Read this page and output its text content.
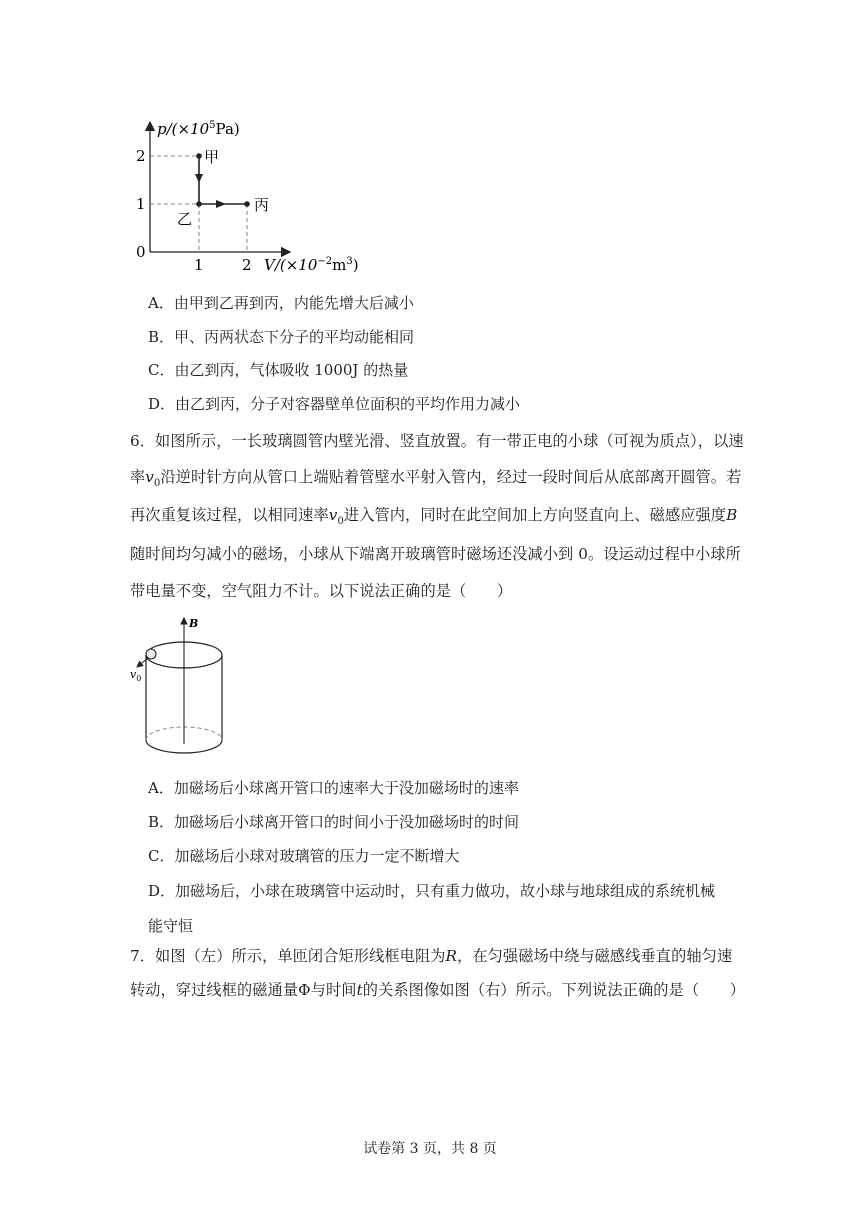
$p/(\times 10^5Pa)$
2
1
0
1	2 $V/(\times 10^{-2}m^3)$
甲
乙
丙
A．由甲到乙再到丙，内能先增大后减小
B．甲、丙两状态下分子的平均动能相同
C．由乙到丙，气体吸收 1000J 的热量
D．由乙到丙，分子对容器壁单位面积的平均作用力减小
6．如图所示，一长玻璃圆管内壁光滑、竖直放置。有一带正电的小球（可视为质点），以速
率$v_0$沿逆时针方向从管口上端贴着管壁水平射入管内，经过一段时间后从底部离开圆管。若
再次重复该过程，以相同速率$v_0$进入管内，同时在此空间加上方向竖直向上、磁感应强度B
随时间均匀减小的磁场，小球从下端离开玻璃管时磁场还没减小到 0。设运动过程中小球所
带电量不变，空气阻力不计。以下说法正确的是（　　）
B
$v_0$
A．加磁场后小球离开管口的速率大于没加磁场时的速率
B．加磁场后小球离开管口的时间小于没加磁场时的时间
C．加磁场后小球对玻璃管的压力一定不断增大
D．加磁场后，小球在玻璃管中运动时，只有重力做功，故小球与地球组成的系统机械
能守恒
7．如图（左）所示，单匝闭合矩形线框电阻为R，在匀强磁场中绕与磁感线垂直的轴匀速
转动，穿过线框的磁通量Φ与时间t的关系图像如图（右）所示。下列说法正确的是（　　）
试卷第 3 页，共 8 页
